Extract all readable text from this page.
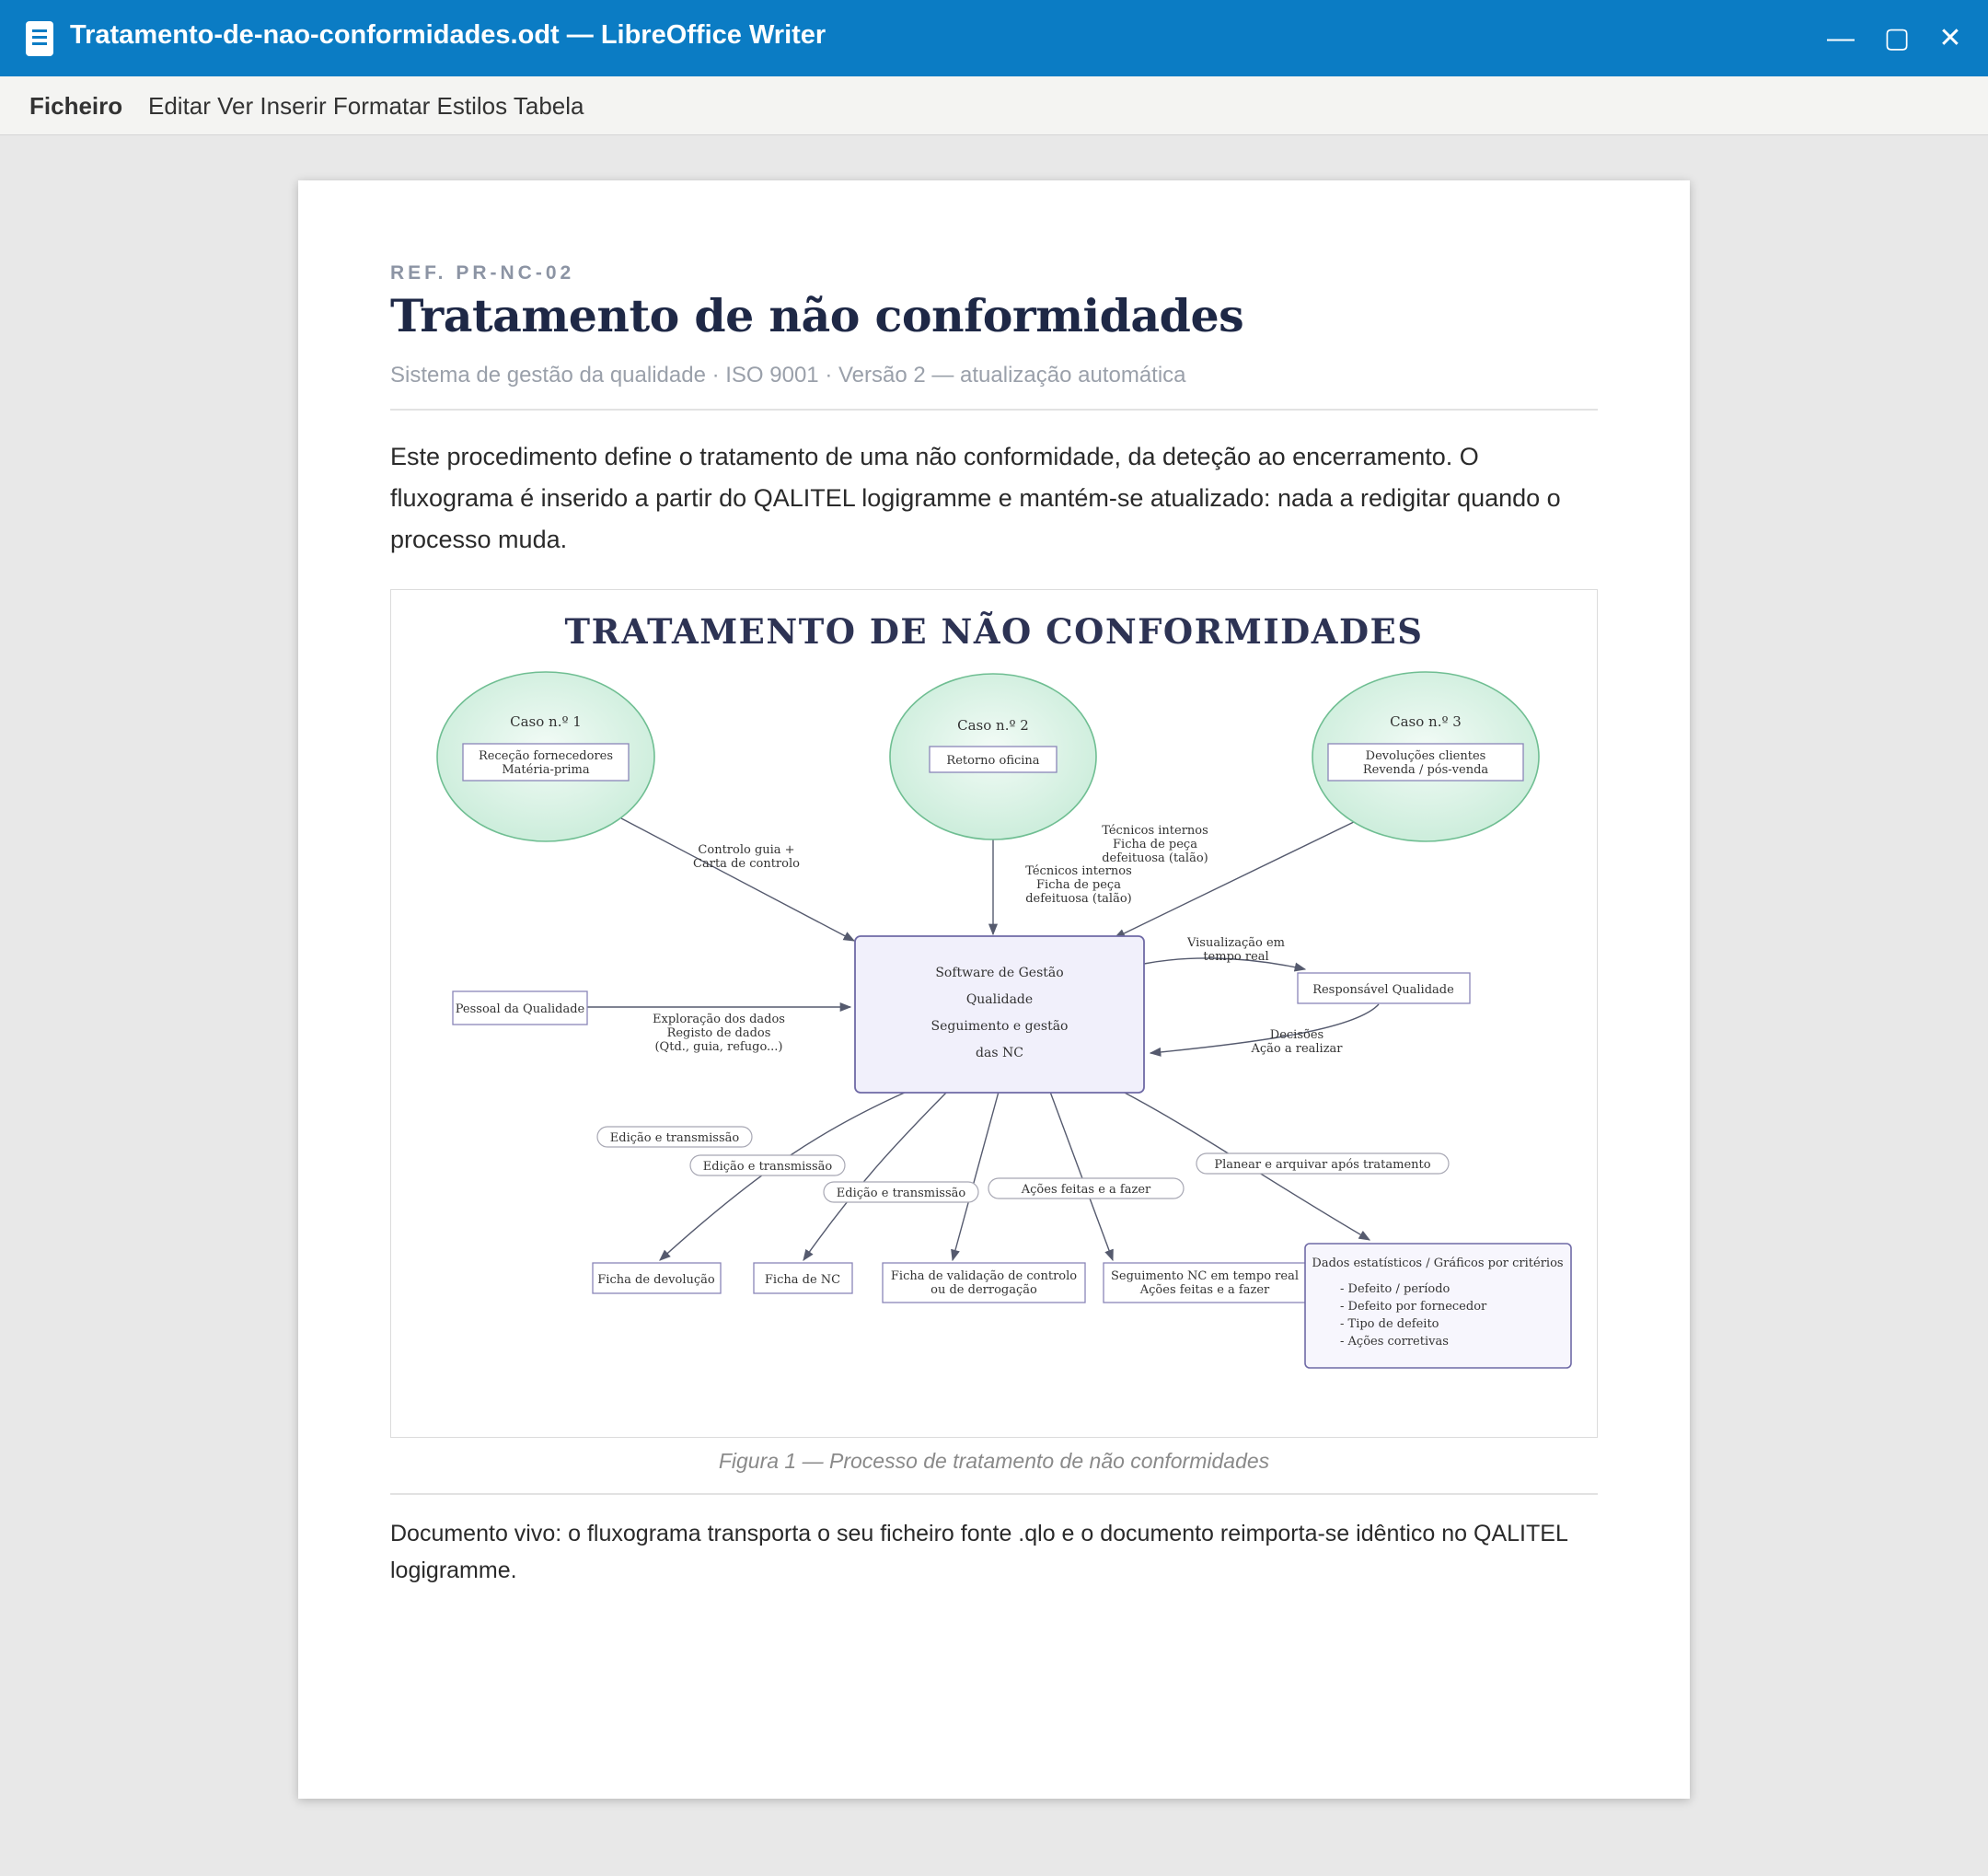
Tratamento-de-nao-conformidades.odt — LibreOffice Writer	—	▢	✕
Ficheiro Editar Ver Inserir Formatar Estilos Tabela
REF. PR-NC-02
Tratamento de não conformidades
Sistema de gestão da qualidade · ISO 9001 · Versão 2 — atualização automática
Este procedimento define o tratamento de uma não conformidade, da deteção ao encerramento. O fluxograma é inserido a partir do QALITEL logigramme e mantém-se atualizado: nada a redigitar quando o processo muda.
TRATAMENTO DE NÃO CONFORMIDADES
Caso n.º 1
Receção fornecedores
Matéria-prima
Caso n.º 2
Retorno oficina
Caso n.º 3
Devoluções clientes
Revenda / pós-venda
Controlo guia +
Carta de controlo
Técnicos internos
Ficha de peça
defeituosa (talão)
Técnicos internos
Ficha de peça
defeituosa (talão)
Exploração dos dados
Registo de dados
(Qtd., guia, refugo...)
Visualização em
tempo real
Decisões
Ação a realizar
Software de Gestão
Qualidade
Seguimento e gestão
das NC
Pessoal da Qualidade
Responsável Qualidade
Edição e transmissão
Edição e transmissão
Edição e transmissão	Ações feitas e a fazer
Planear e arquivar após tratamento
Ficha de devolução	Ficha de NC	Ficha de validação de controlo
ou de derrogação
Seguimento NC em tempo real
Ações feitas e a fazer
Dados estatísticos / Gráficos por critérios
- Defeito / período
- Defeito por fornecedor
- Tipo de defeito
- Ações corretivas
Figura 1 — Processo de tratamento de não conformidades
Documento vivo: o fluxograma transporta o seu ficheiro fonte .qlo e o documento reimporta-se idêntico no QALITEL logigramme.
